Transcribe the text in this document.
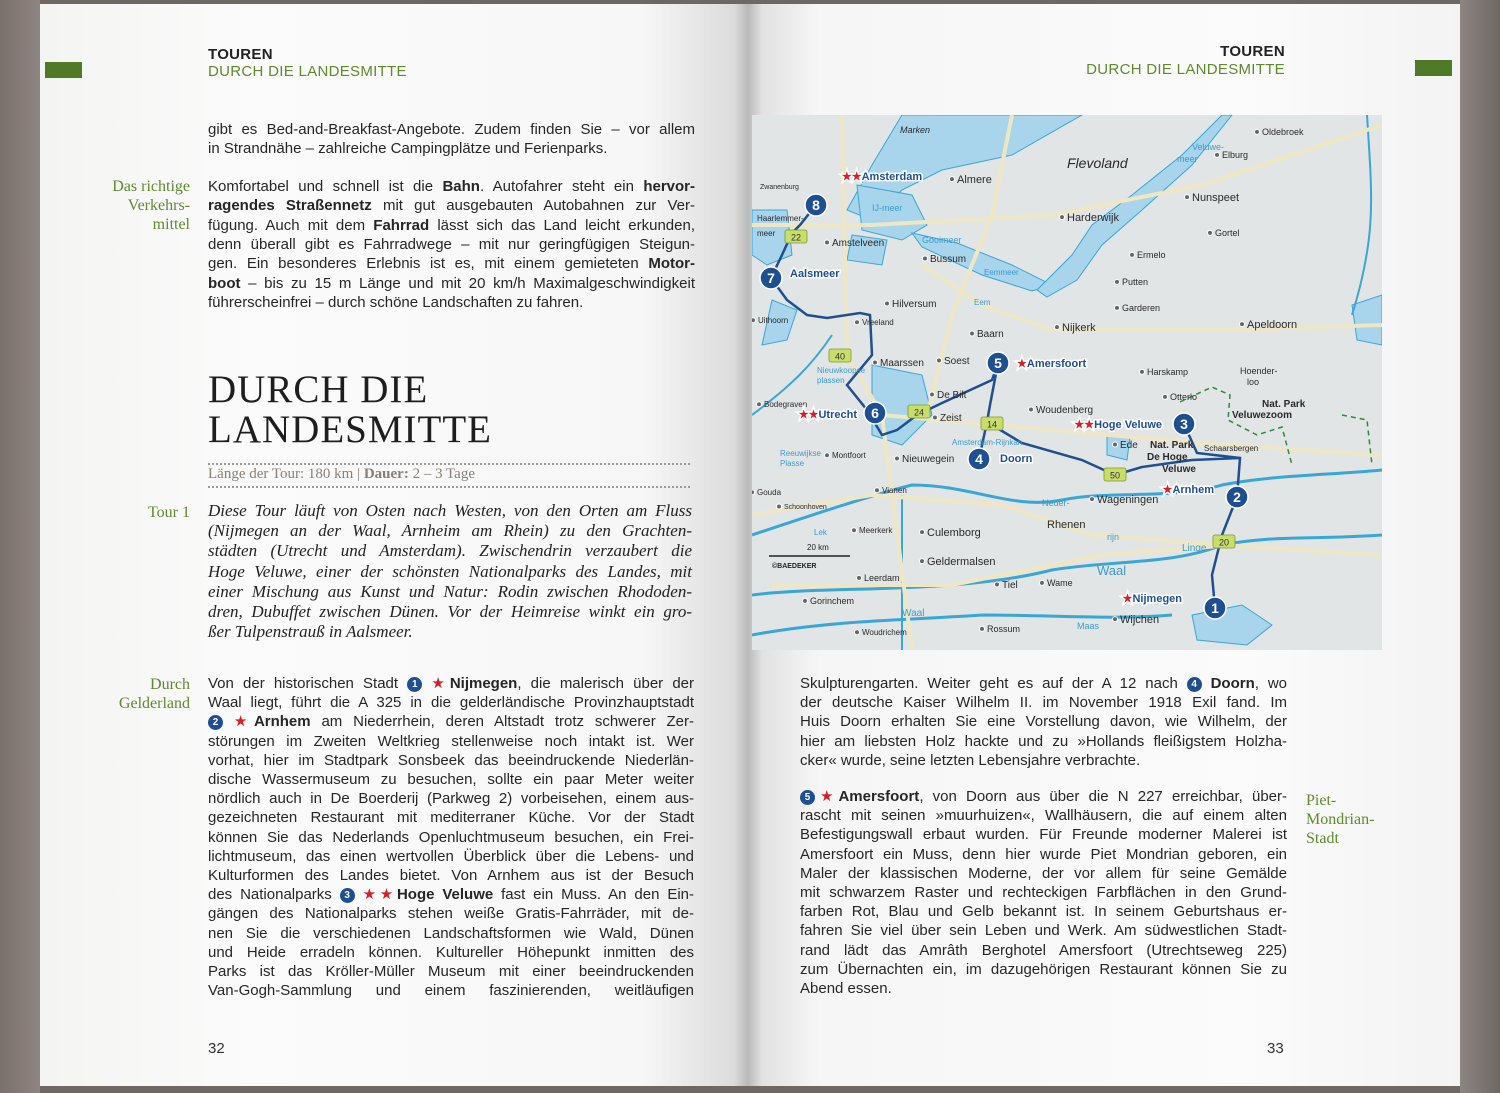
TOUREN
DURCH DIE LANDESMITTE
gibt es Bed-and-Breakfast-Angebote. Zudem finden Sie – vor allem
in Strandnähe – zahlreiche Campingplätze und Ferienparks.
Das richtige
Verkehrs-
mittel
Komfortabel und schnell ist die Bahn. Autofahrer steht ein hervor-
ragendes Straßennetz mit gut ausgebauten Autobahnen zur Ver-
fügung. Auch mit dem Fahrrad lässt sich das Land leicht erkunden,
denn überall gibt es Fahrradwege – mit nur geringfügigen Steigun-
gen. Ein besonderes Erlebnis ist es, mit einem gemieteten Motor-
boot – bis zu 15 m Länge und mit 20 km/h Maximalgeschwindigkeit
führerscheinfrei – durch schöne Landschaften zu fahren.
DURCH DIE
LANDESMITTE
Länge der Tour: 180 km | Dauer: 2 – 3 Tage
Tour 1 Diese Tour läuft von Osten nach Westen, von den Orten am Fluss
(Nijmegen an der Waal, Arnheim am Rhein) zu den Grachten-
städten (Utrecht und Amsterdam). Zwischendrin verzaubert die
Hoge Veluwe, einer der schönsten Nationalparks des Landes, mit
einer Mischung aus Kunst und Natur: Rodin zwischen Rhododen-
dren, Dubuffet zwischen Dünen. Vor der Heimreise winkt ein gro-
ßer Tulpenstrauß in Aalsmeer.
Durch
Gelderland
Von der historischen Stadt 1 ★Nijmegen, die malerisch über der
Waal liegt, führt die A 325 in die gelderländische Provinzhauptstadt
2 ★Arnhem am Niederrhein, deren Altstadt trotz schwerer Zer-
störungen im Zweiten Weltkrieg stellenweise noch intakt ist. Wer
vorhat, hier im Stadtpark Sonsbeek das beeindruckende Niederlän-
dische Wassermuseum zu besuchen, sollte ein paar Meter weiter
nördlich auch in De Boerderij (Parkweg 2) vorbeisehen, einem aus-
gezeichneten Restaurant mit mediterraner Küche. Vor der Stadt
können Sie das Nederlands Openluchtmuseum besuchen, ein Frei-
lichtmuseum, das einen wertvollen Überblick über die Lebens- und
Kulturformen des Landes bietet. Von Arnhem aus ist der Besuch
des Nationalparks 3 ★★Hoge Veluwe fast ein Muss. An den Ein-
gängen des Nationalparks stehen weiße Gratis-Fahrräder, mit de-
nen Sie die verschiedenen Landschaftsformen wie Wald, Dünen
und Heide erradeln können. Kultureller Höhepunkt inmitten des
Parks ist das Kröller-Müller Museum mit einer beeindruckenden
Van-Gogh-Sammlung und einem faszinierenden, weitläufigen
32
TOUREN
DURCH DIE LANDESMITTE
20 km
©BAEDEKER
22
40
24
14
50
20
Marken
Flevoland
Almere
Veluwe-
meer
Oldebroek
Elburg
Nunspeet
Harderwijk
Gortel
Ermelo
Putten
Garderen
Nijkerk	Apeldoorn
Bussum
Hilversum
Baarn
Soest
Maarssen
Vreeland
Uithoorn
Amstelveen
Haarlemmer-
meer
Zwanenburg
IJ-meer
Gooimeer
Eemmeer
Eem
Harskamp	Hoender-
loo
De Bilt
Bodegraven
Zeist
Woudenberg
Otterlo
Nat. Park
Veluwezoom
Ede Nat. Park
De Hoge
Veluwe
Schaarsbergen
Montfoort
Reeuwijkse
Plasse	Nieuwegein
Gouda	Vianen
Wageningen
Neder-
rijn
Rhenen
Culemborg
Schoonhoven
Meerkerk
Lek
Linge
Geldermalsen
Leerdam	Waal
Tiel	Wame
Gorinchem
Waal
Wijchen
Maas
Rossum
Woudrichem
Amsterdam-Rijnkan.
Nieuwkoopse
plassen
1
★Nijmegen
2
★Arnhem
3
★★Hoge Veluwe
4 Doorn
5 ★Amersfoort
6
★★Utrecht
7 Aalsmeer
8
★★Amsterdam
Skulpturengarten. Weiter geht es auf der A 12 nach 4 Doorn, wo
der deutsche Kaiser Wilhelm II. im November 1918 Exil fand. Im
Huis Doorn erhalten Sie eine Vorstellung davon, wie Wilhelm, der
hier am liebsten Holz hackte und zu »Hollands fleißigstem Holzha-
cker« wurde, seine letzten Lebensjahre verbrachte.
5 ★Amersfoort, von Doorn aus über die N 227 erreichbar, über-
rascht mit seinen »muurhuizen«, Wallhäusern, die auf einem alten
Befestigungswall erbaut wurden. Für Freunde moderner Malerei ist
Amersfoort ein Muss, denn hier wurde Piet Mondrian geboren, ein
Maler der klassischen Moderne, der vor allem für seine Gemälde
mit schwarzem Raster und rechteckigen Farbflächen in den Grund-
farben Rot, Blau und Gelb bekannt ist. In seinem Geburtshaus er-
fahren Sie viel über sein Leben und Werk. Am südwestlichen Stadt-
rand lädt das Amrâth Berghotel Amersfoort (Utrechtseweg 225)
zum Übernachten ein, im dazugehörigen Restaurant können Sie zu
Abend essen.
Piet-
Mondrian-
Stadt
33
